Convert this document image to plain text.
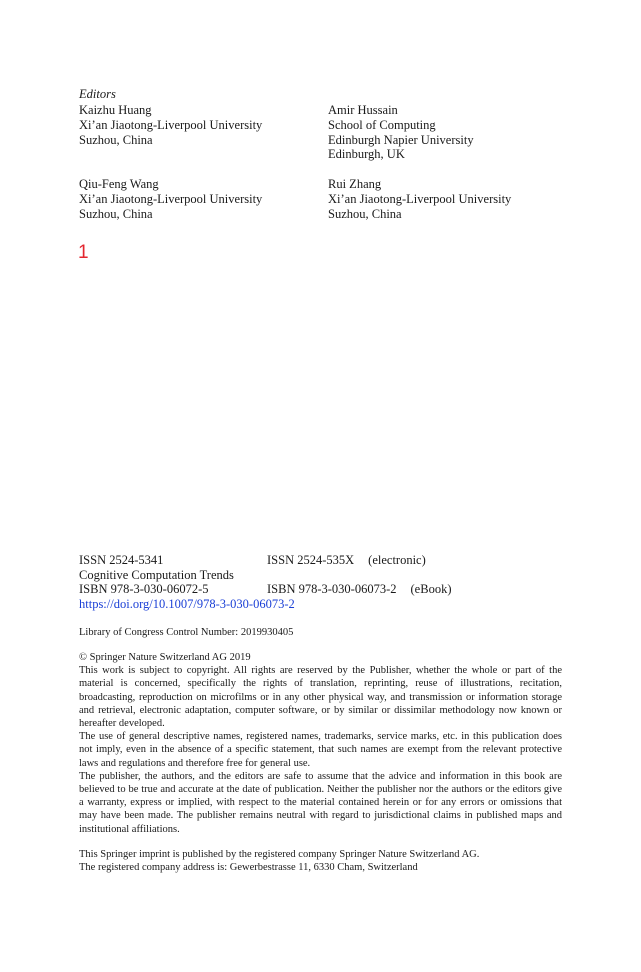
Editors
Kaizhu Huang
Xi’an Jiaotong-Liverpool University
Suzhou, China
Amir Hussain
School of Computing
Edinburgh Napier University
Edinburgh, UK
Qiu-Feng Wang
Xi’an Jiaotong-Liverpool University
Suzhou, China
Rui Zhang
Xi’an Jiaotong-Liverpool University
Suzhou, China
1
ISSN 2524-5341	ISSN 2524-535X (electronic)
Cognitive Computation Trends
ISBN 978-3-030-06072-5	ISBN 978-3-030-06073-2 (eBook)
https://doi.org/10.1007/978-3-030-06073-2
Library of Congress Control Number: 2019930405

© Springer Nature Switzerland AG 2019

This work is subject to copyright. All rights are reserved by the Publisher, whether the whole or part of the material is concerned, specifically the rights of translation, reprinting, reuse of illustrations, recitation, broadcasting, reproduction on microfilms or in any other physical way, and transmission or information storage and retrieval, electronic adaptation, computer software, or by similar or dissimilar methodology now known or hereafter developed.

The use of general descriptive names, registered names, trademarks, service marks, etc. in this publication does not imply, even in the absence of a specific statement, that such names are exempt from the relevant protective laws and regulations and therefore free for general use.

The publisher, the authors, and the editors are safe to assume that the advice and information in this book are believed to be true and accurate at the date of publication. Neither the publisher nor the authors or the editors give a warranty, express or implied, with respect to the material contained herein or for any errors or omissions that may have been made. The publisher remains neutral with regard to jurisdictional claims in published maps and institutional affiliations.

This Springer imprint is published by the registered company Springer Nature Switzerland AG.

The registered company address is: Gewerbestrasse 11, 6330 Cham, Switzerland
